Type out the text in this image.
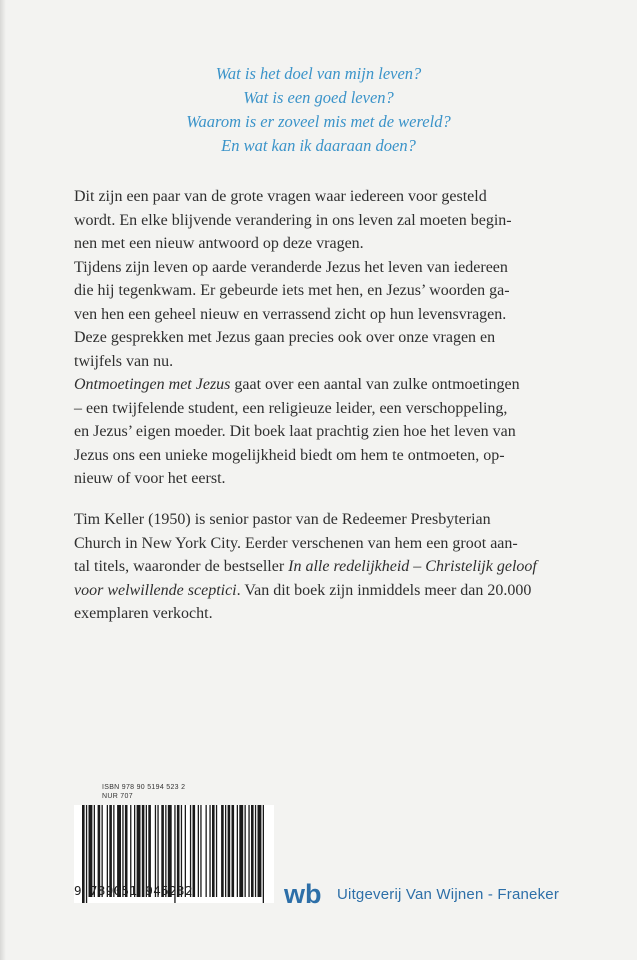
Wat is het doel van mijn leven?
Wat is een goed leven?
Waarom is er zoveel mis met de wereld?
En wat kan ik daaraan doen?

Dit zijn een paar van de grote vragen waar iedereen voor gesteld

wordt. En elke blijvende verandering in ons leven zal moeten begin-

nen met een nieuw antwoord op deze vragen.

Tijdens zijn leven op aarde veranderde Jezus het leven van iedereen

die hij tegenkwam. Er gebeurde iets met hen, en Jezus’ woorden ga-

ven hen een geheel nieuw en verrassend zicht op hun levensvragen.

Deze gesprekken met Jezus gaan precies ook over onze vragen en

twijfels van nu.

Ontmoetingen met Jezus gaat over een aantal van zulke ontmoetingen

– een twijfelende student, een religieuze leider, een verschoppeling,

en Jezus’ eigen moeder. Dit boek laat prachtig zien hoe het leven van

Jezus ons een unieke mogelijkheid biedt om hem te ontmoeten, op-

nieuw of voor het eerst.

Tim Keller (1950) is senior pastor van de Redeemer Presbyterian

Church in New York City. Eerder verschenen van hem een groot aan-

tal titels, waaronder de bestseller In alle redelijkheid – Christelijk geloof

voor welwillende sceptici. Van dit boek zijn inmiddels meer dan 20.000

exemplaren verkocht.

ISBN 978 90 5194 523 2
NUR 707
9 789051 945232	wb Uitgeverij Van Wijnen - Franeker
